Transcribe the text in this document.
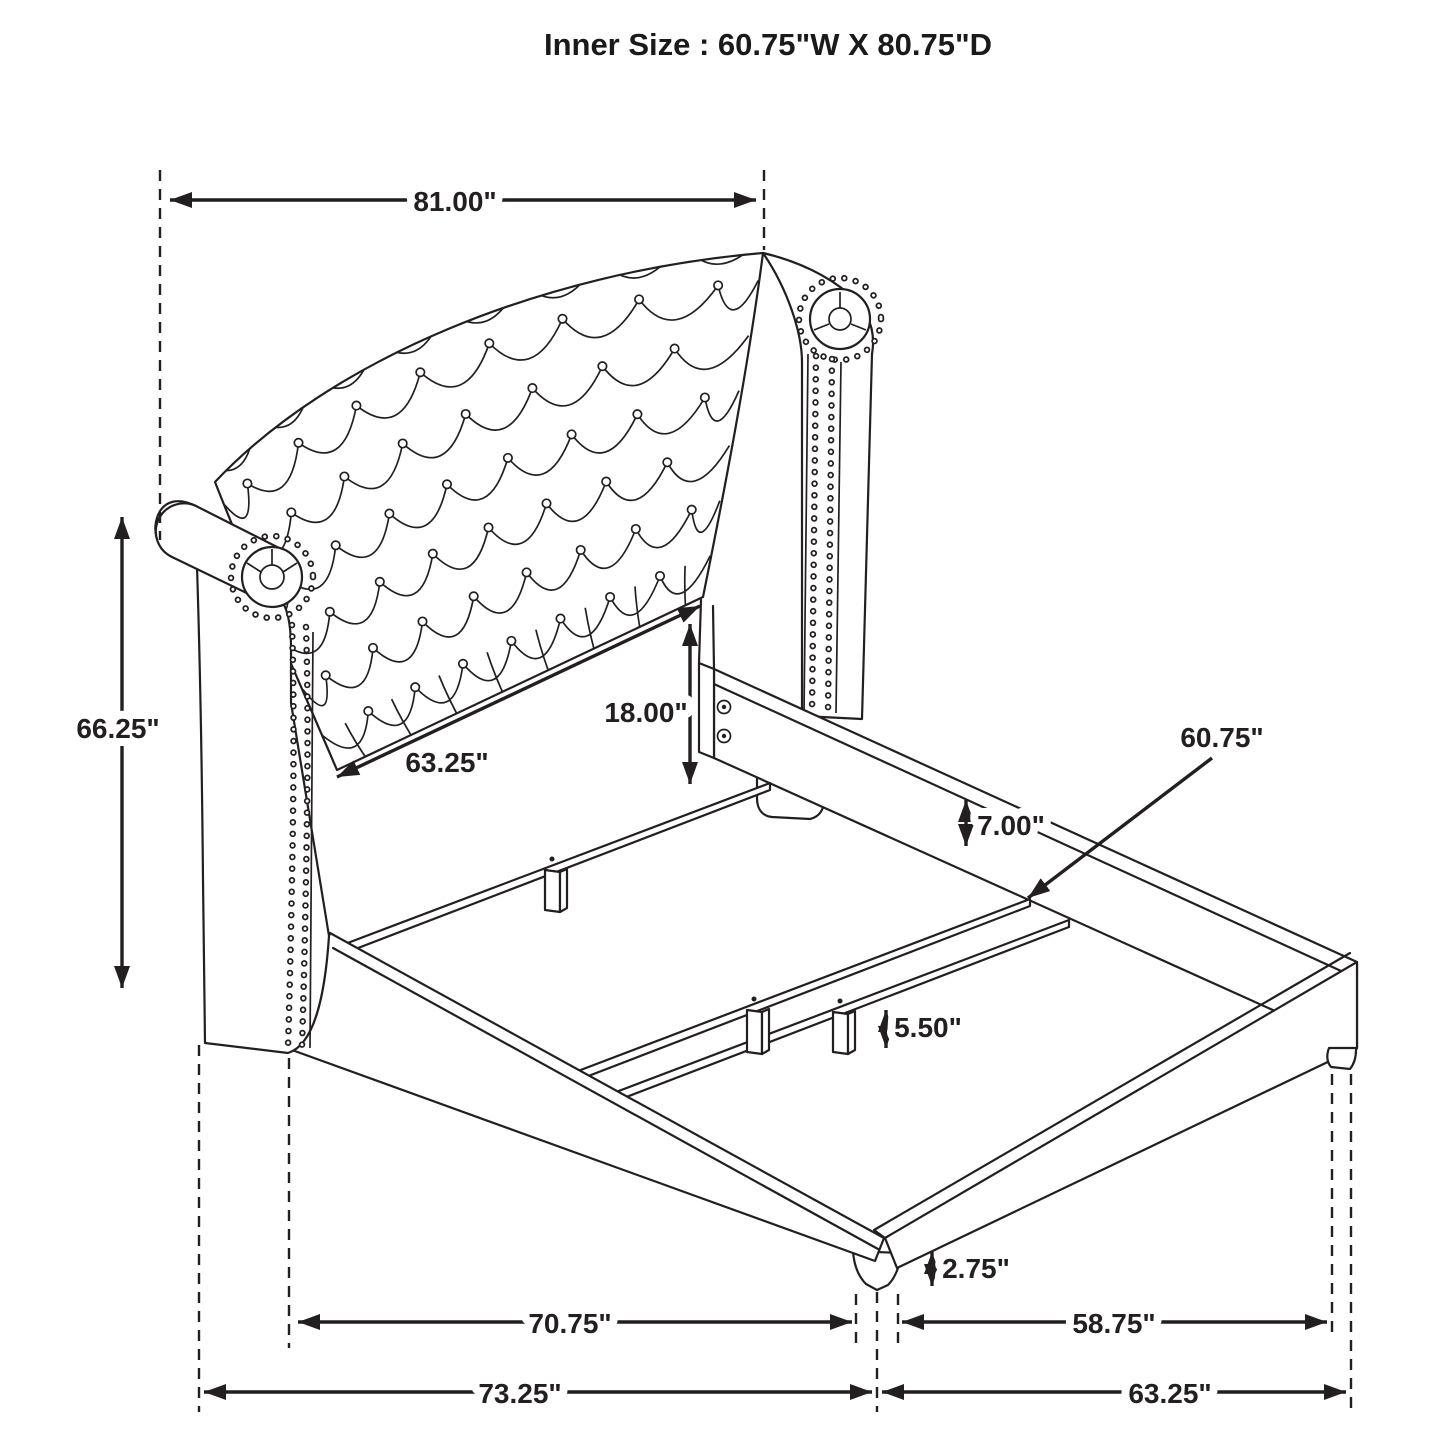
Inner Size : 60.75"W X 80.75"D
81.00"
66.25"
63.25"
18.00"
7.00"
60.75"
5.50"
2.75"
70.75"	58.75"
73.25"	63.25"
